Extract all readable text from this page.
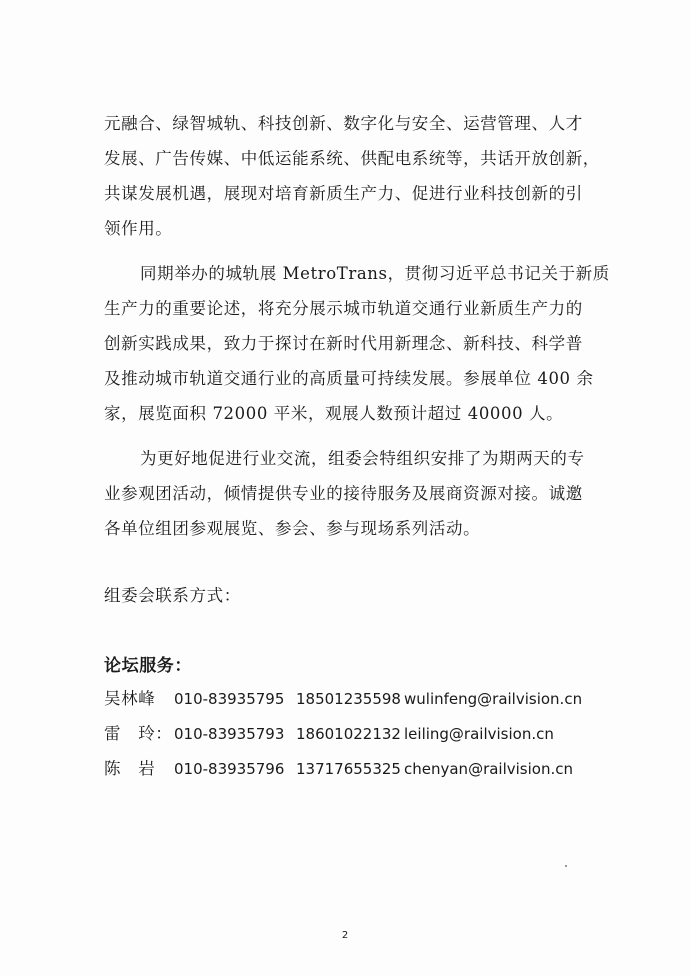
元融合、绿智城轨、科技创新、数字化与安全、运营管理、人才
发展、广告传媒、中低运能系统、供配电系统等，共话开放创新，
共谋发展机遇，展现对培育新质生产力、促进行业科技创新的引
领作用。
同期举办的城轨展 MetroTrans，贯彻习近平总书记关于新质
生产力的重要论述，将充分展示城市轨道交通行业新质生产力的
创新实践成果，致力于探讨在新时代用新理念、新科技、科学普
及推动城市轨道交通行业的高质量可持续发展。参展单位 400 余
家，展览面积 72000 平米，观展人数预计超过 40000 人。
为更好地促进行业交流，组委会特组织安排了为期两天的专
业参观团活动，倾情提供专业的接待服务及展商资源对接。诚邀
各单位组团参观展览、参会、参与现场系列活动。
组委会联系方式：
论坛服务：
吴林峰 010-83935795 18501235598 wulinfeng@railvision.cn
雷　玲： 010-83935793 18601022132 leiling@railvision.cn
陈　岩 010-83935796 13717655325 chenyan@railvision.cn
2
